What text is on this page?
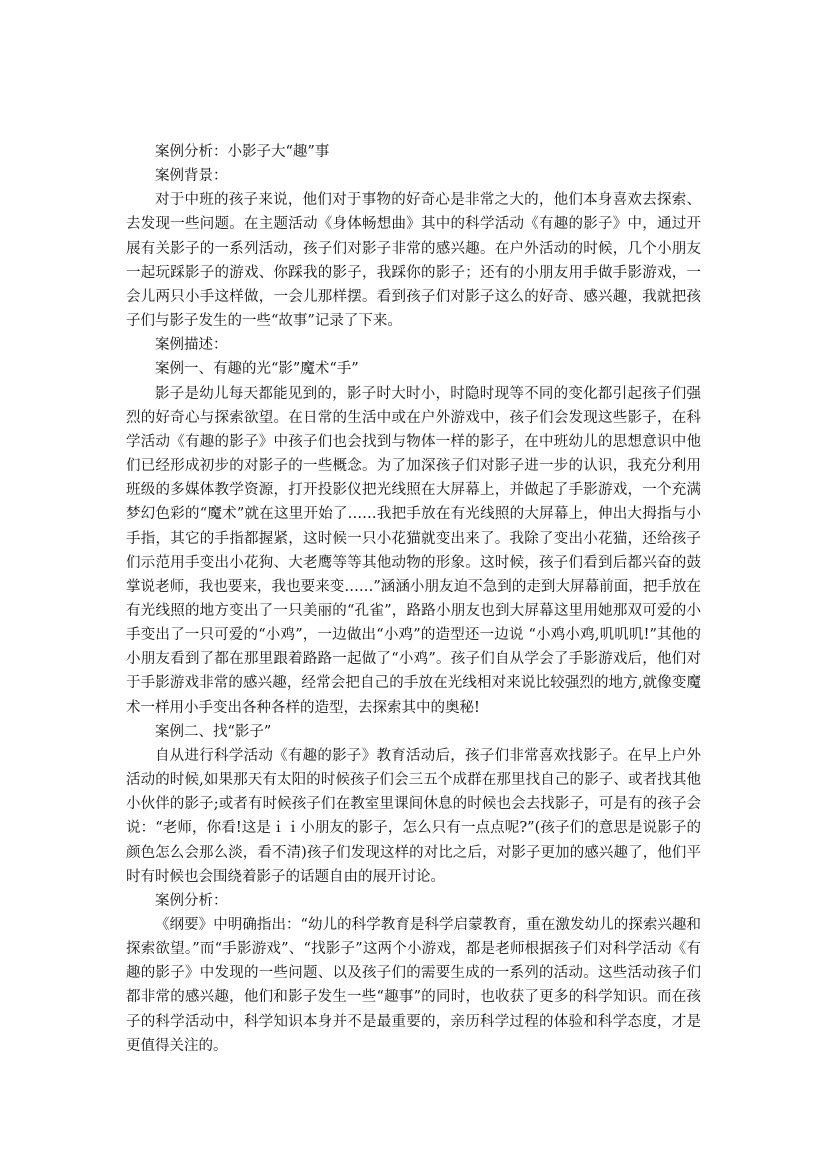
案例分析：小影子大“趣”事

案例背景：

对于中班的孩子来说，他们对于事物的好奇心是非常之大的，他们本身喜欢去探索、去发现一些问题。在主题活动《身体畅想曲》其中的科学活动《有趣的影子》中，通过开展有关影子的一系列活动，孩子们对影子非常的感兴趣。在户外活动的时候，几个小朋友一起玩踩影子的游戏、你踩我的影子，我踩你的影子；还有的小朋友用手做手影游戏，一会儿两只小手这样做，一会儿那样摆。看到孩子们对影子这么的好奇、感兴趣，我就把孩子们与影子发生的一些“故事”记录了下来。

案例描述：

案例一、有趣的光“影”魔术“手”

影子是幼儿每天都能见到的，影子时大时小，时隐时现等不同的变化都引起孩子们强烈的好奇心与探索欲望。在日常的生活中或在户外游戏中，孩子们会发现这些影子，在科学活动《有趣的影子》中孩子们也会找到与物体一样的影子，在中班幼儿的思想意识中他们已经形成初步的对影子的一些概念。为了加深孩子们对影子进一步的认识，我充分利用班级的多媒体教学资源，打开投影仪把光线照在大屏幕上，并做起了手影游戏，一个充满梦幻色彩的“魔术”就在这里开始了……我把手放在有光线照的大屏幕上，伸出大拇指与小手指，其它的手指都握紧，这时候一只小花猫就变出来了。我除了变出小花猫，还给孩子们示范用手变出小花狗、大老鹰等等其他动物的形象。这时候，孩子们看到后都兴奋的鼓掌说老师，我也要来，我也要来变……”涵涵小朋友迫不急到的走到大屏幕前面，把手放在有光线照的地方变出了一只美丽的“孔雀”，路路小朋友也到大屏幕这里用她那双可爱的小手变出了一只可爱的“小鸡”，一边做出“小鸡”的造型还一边说 “小鸡小鸡,叽叽叽!”其他的小朋友看到了都在那里跟着路路一起做了“小鸡”。孩子们自从学会了手影游戏后，他们对于手影游戏非常的感兴趣，经常会把自己的手放在光线相对来说比较强烈的地方,就像变魔术一样用小手变出各种各样的造型，去探索其中的奥秘!

案例二、找“影子”

自从进行科学活动《有趣的影子》教育活动后，孩子们非常喜欢找影子。在早上户外活动的时候,如果那天有太阳的时候孩子们会三五个成群在那里找自己的影子、或者找其他小伙伴的影子;或者有时候孩子们在教室里课间休息的时候也会去找影子，可是有的孩子会说：“老师，你看!这是ｉｉ小朋友的影子，怎么只有一点点呢?”(孩子们的意思是说影子的颜色怎么会那么淡，看不清)孩子们发现这样的对比之后，对影子更加的感兴趣了，他们平时有时候也会围绕着影子的话题自由的展开讨论。

案例分析：

《纲要》中明确指出：“幼儿的科学教育是科学启蒙教育，重在激发幼儿的探索兴趣和探索欲望。”而“手影游戏”、“找影子”这两个小游戏，都是老师根据孩子们对科学活动《有趣的影子》中发现的一些问题、以及孩子们的需要生成的一系列的活动。这些活动孩子们都非常的感兴趣，他们和影子发生一些“趣事”的同时，也收获了更多的科学知识。而在孩子的科学活动中，科学知识本身并不是最重要的，亲历科学过程的体验和科学态度，才是更值得关注的。
